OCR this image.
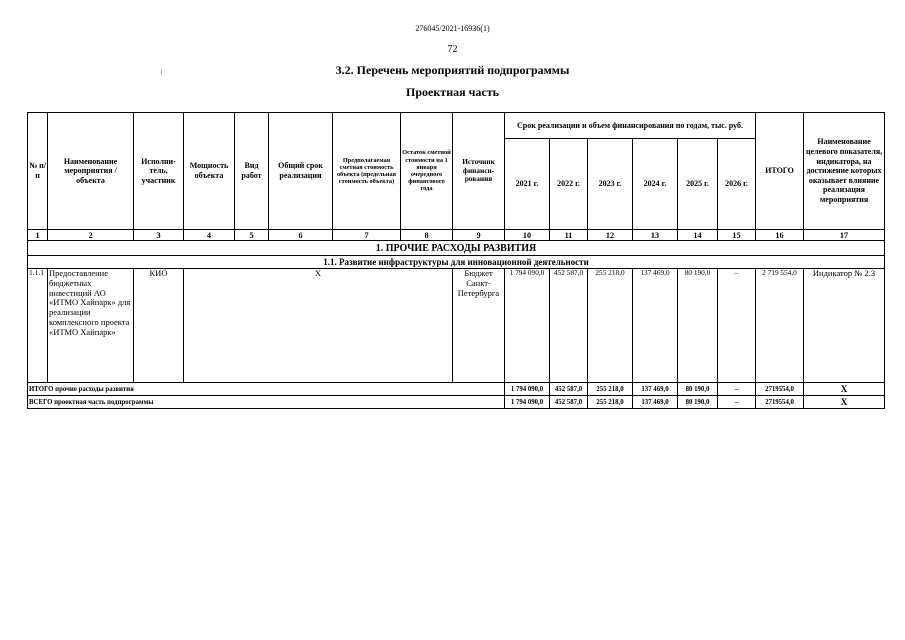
276045/2021-16936(1)
72
3.2. Перечень мероприятий подпрограммы
Проектная часть
⁝
№ п/п	Наименование мероприятия / объекта	Исполни-тель, участник	Мощность объекта	Вид работ	Общий срок реализации	Предполагаемая сметная стоимость объекта (предельная стоимость объекта)	Остаток сметной стоимости на 1 января очередного финансового года	Источник финанси-рования	Срок реализации и объем финансирования по годам, тыс. руб.						ИТОГО	Наименование целевого показателя, индикатора, на достижение которых оказывает влияние реализация мероприятия
									2021 г.	2022 г.	2023 г.	2024 г.	2025 г.	2026 г.		
1	2	3	4	5	6	7	8	9	10	11	12	13	14	15	16	17
1. ПРОЧИЕ РАСХОДЫ РАЗВИТИЯ																
1.1. Развитие инфраструктуры для инновационной деятельности																
1.1.1	Предоставление бюджетных инвестиций АО «ИТМО Хайпарк» для реализации комплексного проекта «ИТМО Хайпарк»	КИО	Х					Бюджет Санкт-Петербурга	1 794 090,0	452 587,0	255 218,0	137 469,0	80 190,0	–	2 719 554,0	Индикатор № 2.3
ИТОГО прочие расходы развития									1 794 090,0	452 587,0	255 218,0	137 469,0	80 190,0	–	2719554,0	Х
ВСЕГО проектная часть подпрограммы									1 794 090,0	452 587,0	255 218,0	137 469,0	80 190,0	–	2719554,0	Х
